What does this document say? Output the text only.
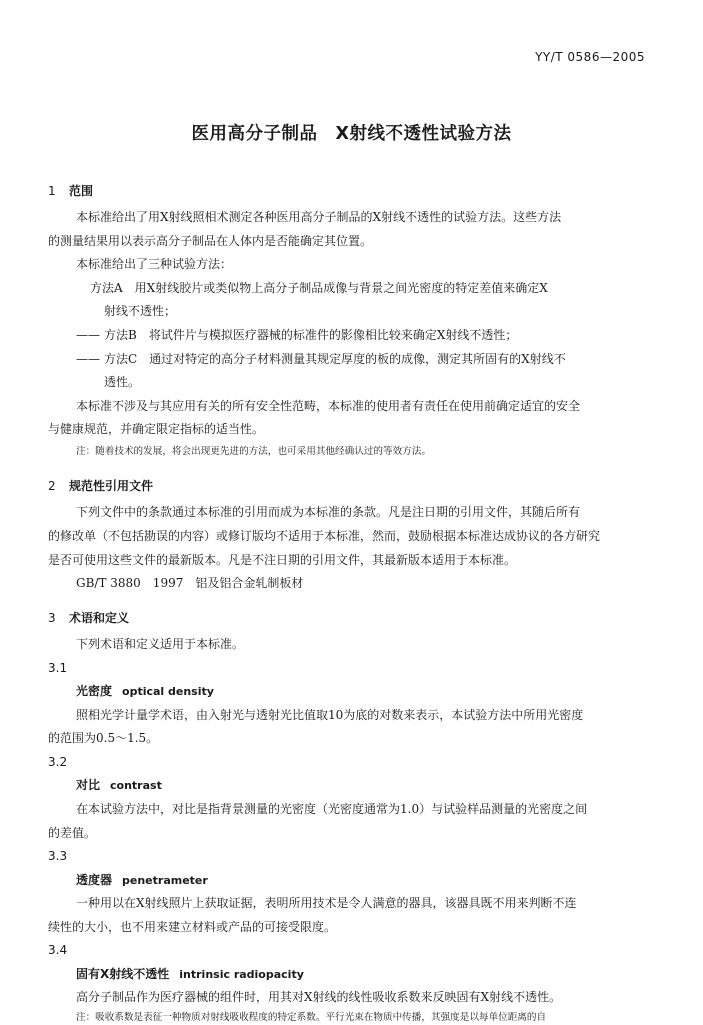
YY/T 0586—2005
医用高分子制品　X射线不透性试验方法
1 范围
本标准给出了用X射线照相术测定各种医用高分子制品的X射线不透性的试验方法。这些方法
的测量结果用以表示高分子制品在人体内是否能确定其位置。
本标准给出了三种试验方法：
方法A　用X射线胶片或类似物上高分子制品成像与背景之间光密度的特定差值来确定X
射线不透性；
—— 方法B　将试件片与模拟医疗器械的标准件的影像相比较来确定X射线不透性；
—— 方法C　通过对特定的高分子材料测量其规定厚度的板的成像，测定其所固有的X射线不
透性。
本标准不涉及与其应用有关的所有安全性范畴，本标准的使用者有责任在使用前确定适宜的安全
与健康规范，并确定限定指标的适当性。
注：随着技术的发展，将会出现更先进的方法，也可采用其他经确认过的等效方法。
2 规范性引用文件
下列文件中的条款通过本标准的引用而成为本标准的条款。凡是注日期的引用文件，其随后所有
的修改单（不包括勘误的内容）或修订版均不适用于本标准，然而，鼓励根据本标准达成协议的各方研究
是否可使用这些文件的最新版本。凡是不注日期的引用文件，其最新版本适用于本标准。
GB/T 3880　1997　铝及铝合金轧制板材
3 术语和定义
下列术语和定义适用于本标准。
3.1
光密度 optical density
照相光学计量学术语，由入射光与透射光比值取10为底的对数来表示，本试验方法中所用光密度
的范围为0.5～1.5。
3.2
对比 contrast
在本试验方法中，对比是指背景测量的光密度（光密度通常为1.0）与试验样品测量的光密度之间
的差值。
3.3
透度器 penetrameter
一种用以在X射线照片上获取证据，表明所用技术是令人满意的器具，该器具既不用来判断不连
续性的大小，也不用来建立材料或产品的可接受限度。
3.4
固有X射线不透性 intrinsic radiopacity
高分子制品作为医疗器械的组件时，用其对X射线的线性吸收系数来反映固有X射线不透性。
注：吸收系数是表征一种物质对射线吸收程度的特定系数。平行光束在物质中传播，其强度是以每单位距离的自
